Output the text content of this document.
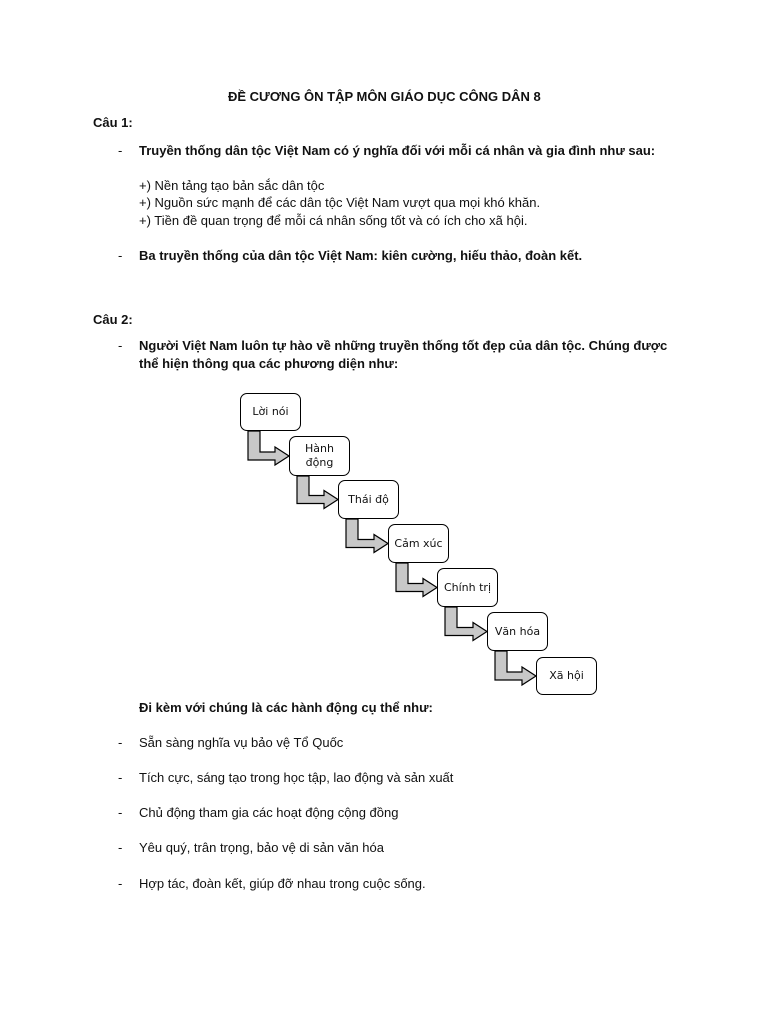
ĐỀ CƯƠNG ÔN TẬP MÔN GIÁO DỤC CÔNG DÂN 8
Câu 1:
- Truyền thống dân tộc Việt Nam có ý nghĩa đối với mỗi cá nhân và gia đình như sau:
+) Nền tảng tạo bản sắc dân tộc
+) Nguồn sức mạnh để các dân tộc Việt Nam vượt qua mọi khó khăn.
+) Tiền đề quan trọng để mỗi cá nhân sống tốt và có ích cho xã hội.
- Ba truyền thống của dân tộc Việt Nam: kiên cường, hiếu thảo, đoàn kết.
Câu 2:
- Người Việt Nam luôn tự hào về những truyền thống tốt đẹp của dân tộc. Chúng được
thể hiện thông qua các phương diện như:
Lời nói
Hành
động
Thái độ
Cảm xúc
Chính trị
Văn hóa
Xã hội
Đi kèm với chúng là các hành động cụ thể như:
- Sẵn sàng nghĩa vụ bảo vệ Tổ Quốc
- Tích cực, sáng tạo trong học tập, lao động và sản xuất
- Chủ động tham gia các hoạt động cộng đồng
- Yêu quý, trân trọng, bảo vệ di sản văn hóa
- Hợp tác, đoàn kết, giúp đỡ nhau trong cuộc sống.
